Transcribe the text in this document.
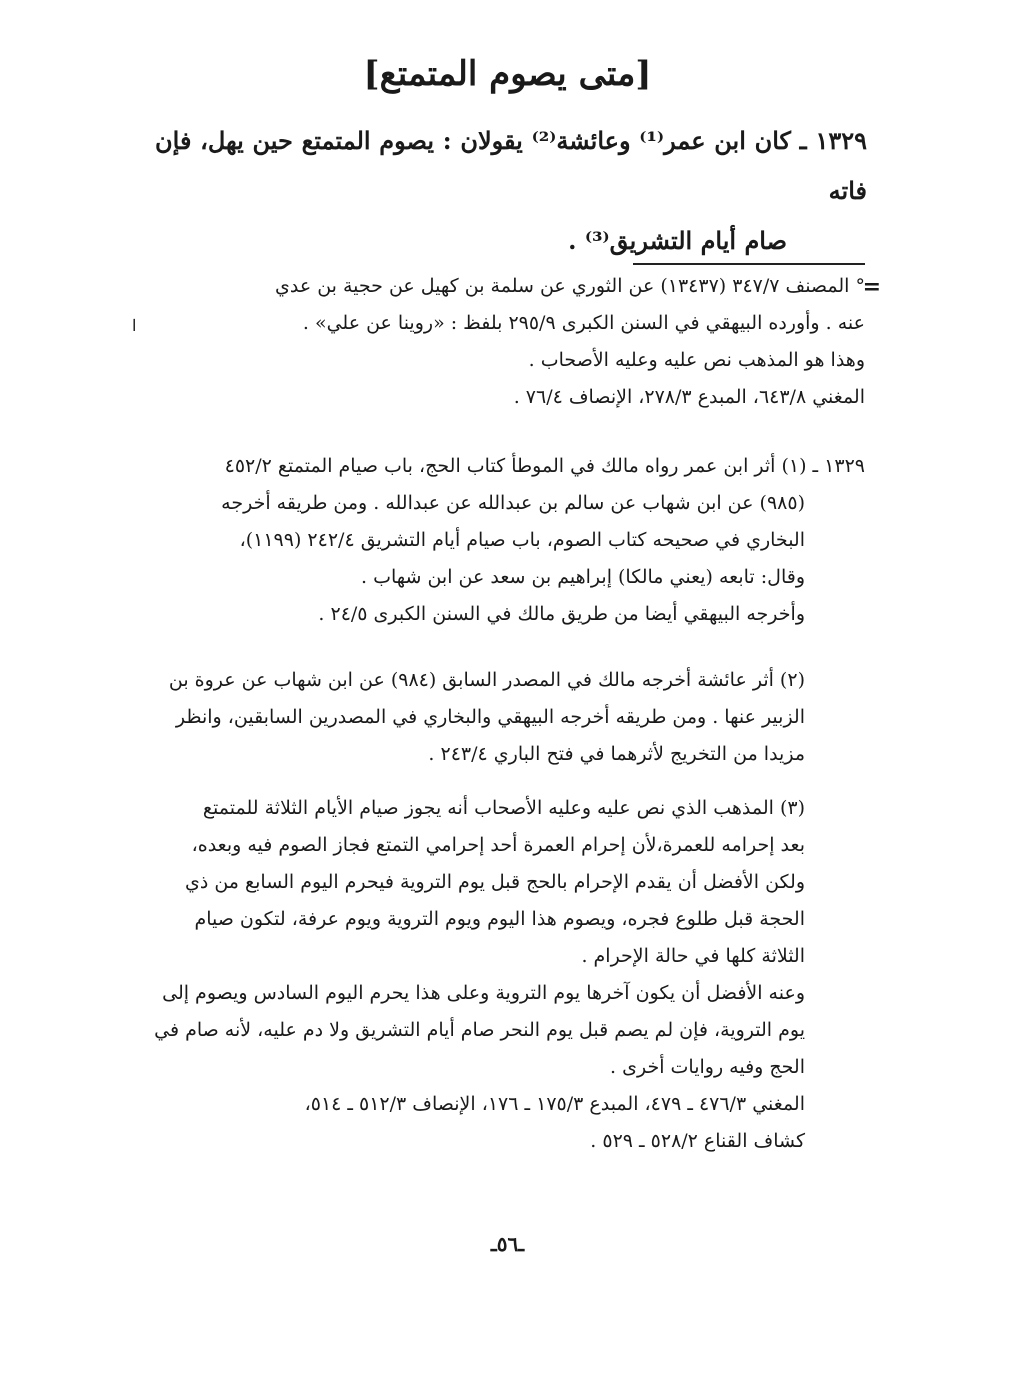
[متى يصوم المتمتع]
١٣٢٩ ـ كان ابن عمر⁽¹⁾ وعائشة⁽²⁾ يقولان : يصوم المتمتع حين يهل، فإن فاته
صام أيام التشريق⁽³⁾ .
=
ا

° المصنف ٣٤٧/٧ (١٣٤٣٧) عن الثوري عن سلمة بن كهيل عن حجية بن عدي

عنه . وأورده البيهقي في السنن الكبرى ٢٩٥/٩ بلفظ : «روينا عن علي» .

وهذا هو المذهب نص عليه وعليه الأصحاب .

المغني ٦٤٣/٨، المبدع ٢٧٨/٣، الإنصاف ٧٦/٤ .

١٣٢٩ ـ (١) أثر ابن عمر رواه مالك في الموطأ كتاب الحج، باب صيام المتمتع ٤٥٢/٢

(٩٨٥) عن ابن شهاب عن سالم بن عبدالله عن عبدالله . ومن طريقه أخرجه

البخاري في صحيحه كتاب الصوم، باب صيام أيام التشريق ٢٤٢/٤ (١١٩٩)،

وقال: تابعه (يعني مالكا) إبراهيم بن سعد عن ابن شهاب .

وأخرجه البيهقي أيضا من طريق مالك في السنن الكبرى ٢٤/٥ .

(٢) أثر عائشة أخرجه مالك في المصدر السابق (٩٨٤) عن ابن شهاب عن عروة بن

الزبير عنها . ومن طريقه أخرجه البيهقي والبخاري في المصدرين السابقين، وانظر

مزيدا من التخريج لأثرهما في فتح الباري ٢٤٣/٤ .

(٣) المذهب الذي نص عليه وعليه الأصحاب أنه يجوز صيام الأيام الثلاثة للمتمتع

بعد إحرامه للعمرة،لأن إحرام العمرة أحد إحرامي التمتع فجاز الصوم فيه وبعده،

ولكن الأفضل أن يقدم الإحرام بالحج قبل يوم التروية فيحرم اليوم السابع من ذي

الحجة قبل طلوع فجره، ويصوم هذا اليوم ويوم التروية ويوم عرفة، لتكون صيام

الثلاثة كلها في حالة الإحرام .

وعنه الأفضل أن يكون آخرها يوم التروية وعلى هذا يحرم اليوم السادس ويصوم إلى

يوم التروية، فإن لم يصم قبل يوم النحر صام أيام التشريق ولا دم عليه، لأنه صام في

الحج وفيه روايات أخرى .

المغني ٤٧٦/٣ ـ ٤٧٩، المبدع ١٧٥/٣ ـ ١٧٦، الإنصاف ٥١٢/٣ ـ ٥١٤،

كشاف القناع ٥٢٨/٢ ـ ٥٢٩ .

ـ٥٦ـ
